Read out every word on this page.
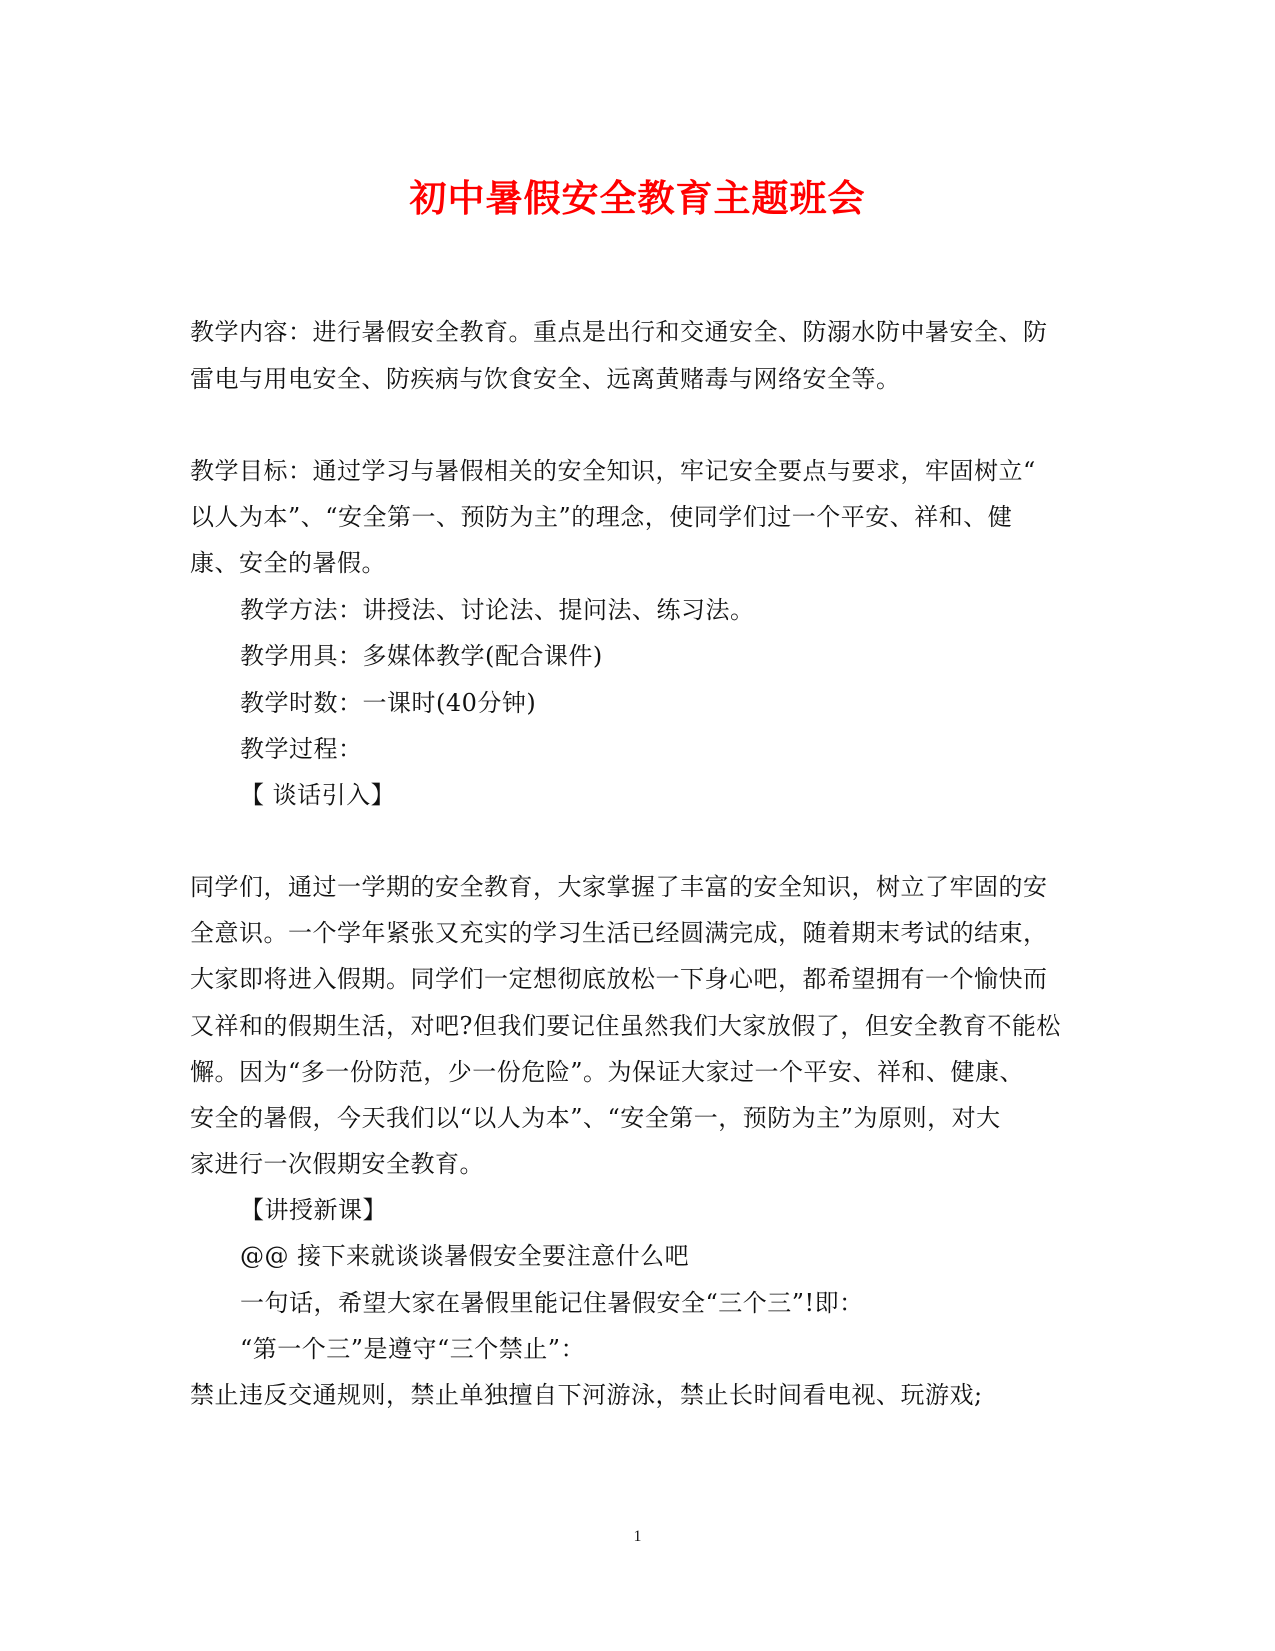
初中暑假安全教育主题班会
教学内容：进行暑假安全教育。重点是出行和交通安全、防溺水防中暑安全、防
雷电与用电安全、防疾病与饮食安全、远离黄赌毒与网络安全等。
教学目标：通过学习与暑假相关的安全知识，牢记安全要点与要求，牢固树立“
以人为本”、“安全第一、预防为主”的理念，使同学们过一个平安、祥和、健
康、安全的暑假。
教学方法：讲授法、讨论法、提问法、练习法。
教学用具：多媒体教学(配合课件)
教学时数：一课时(40分钟)
教学过程：
【 谈话引入】
同学们，通过一学期的安全教育，大家掌握了丰富的安全知识，树立了牢固的安
全意识。一个学年紧张又充实的学习生活已经圆满完成，随着期末考试的结束，
大家即将进入假期。同学们一定想彻底放松一下身心吧，都希望拥有一个愉快而
又祥和的假期生活，对吧?但我们要记住虽然我们大家放假了，但安全教育不能松
懈。因为“多一份防范，少一份危险”。为保证大家过一个平安、祥和、健康、
安全的暑假，今天我们以“以人为本”、“安全第一，预防为主”为原则，对大
家进行一次假期安全教育。
【讲授新课】
@@ 接下来就谈谈暑假安全要注意什么吧
一句话，希望大家在暑假里能记住暑假安全“三个三”!即：
“第一个三”是遵守“三个禁止”：
禁止违反交通规则，禁止单独擅自下河游泳，禁止长时间看电视、玩游戏;
1
